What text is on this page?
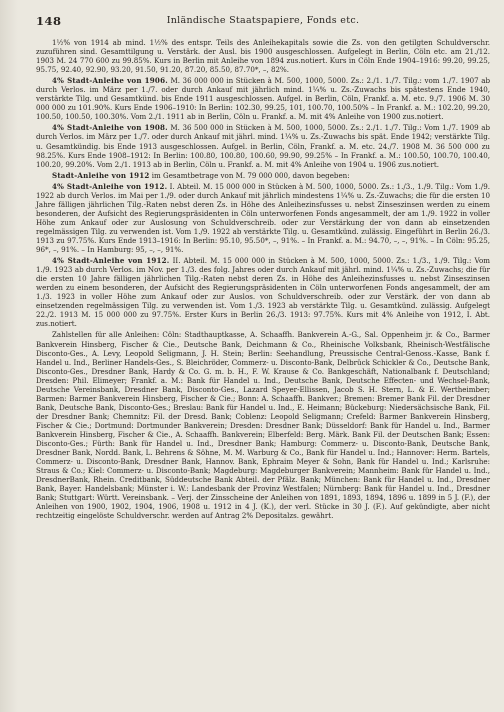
148	Inländische Staatspapiere, Fonds etc.

1½% von 1914 ab mind. 1½% des entspr. Teils des Anleihekapitals sowie die Zs. von den getilgten Schuldverschr. zuzuführen sind. Gesamttilgung u. Verstärk. der Ausl. bis 1900 ausgeschlossen. Aufgelegt in Berlin, Cöln etc. am 21./12. 1903 M. 24 770 600 zu 99.85%. Kurs in Berlin mit Anleihe von 1894 zus.notiert. Kurs in Cöln Ende 1904–1916: 99.20, 99.25, 95.75, 92.40, 92.90, 93.20, 91.50, 91.20, 87.20, 85.50, 87.70*, –, 82%.

4% Stadt-Anleihe von 1906. M. 36 000 000 in Stücken à M. 500, 1000, 5000. Zs.: 2./1. 1./7. Tilg.: vom 1./7. 1907 ab durch Verlos. im März per 1./7. oder durch Ankauf mit jährlich mind. 1¼% u. Zs.-Zuwachs bis spätestens Ende 1940, verstärkte Tilg. und Gesamtkünd. bis Ende 1911 ausgeschlossen. Aufgel. in Berlin, Cöln, Frankf. a. M. etc. 9./7. 1906 M. 30 000 000 zu 101.90%. Kurs Ende 1906–1910: In Berlin: 102.30, 99.25, 101, 100.70, 100.50% – In Frankf. a. M.: 102.20, 99.20, 100.50, 100.50, 100.30%. Vom 2./1. 1911 ab in Berlin, Cöln u. Frankf. a. M. mit 4% Anleihe von 1900 zus.notiert.

4% Stadt-Anleihe von 1908. M. 36 500 000 in Stücken à M. 500, 1000, 5000. Zs.: 2./1. 1./7. Tilg.: Vom 1./7. 1909 ab durch Verlos. im März per 1./7. oder durch Ankauf mit jährl. mind. 1¼% u. Zs.-Zuwachs bis spät. Ende 1942; verstärkte Tilg. u. Gesamtkündig. bis Ende 1913 ausgeschlossen. Aufgel. in Berlin, Cöln, Frankf. a. M. etc. 24./7. 1908 M. 36 500 000 zu 98.25%. Kurs Ende 1908–1912: In Berlin: 100.80, 100.80, 100.60, 99.90, 99.25% – In Frankf. a. M.: 100.50, 100.70, 100.40, 100.20, 99.20%. Vom 2./1. 1913 ab in Berlin, Cöln u. Frankf. a. M. mit 4% Anleihe von 1904 u. 1906 zus.notiert.

Stadt-Anleihe von 1912 im Gesamtbetrage von M. 79 000 000, davon begeben:

4% Stadt-Anleihe von 1912. I. Abteil. M. 15 000 000 in Stücken à M. 500, 1000, 5000. Zs.: 1./3., 1./9. Tilg.: Vom 1./9. 1922 ab durch Verlos. im Mai per 1./9. oder durch Ankauf mit jährlich mindestens 1¼% u. Zs.-Zuwachs; die für die ersten 10 Jahre fälligen jährlichen Tilg.-Raten nebst deren Zs. in Höhe des Anleihezinsfusses u. nebst Zinseszinsen werden zu einem besonderen, der Aufsicht des Regierungspräsidenten in Cöln unterworfenen Fonds angesammelt, der am 1./9. 1922 in voller Höhe zum Ankauf oder zur Auslosung von Schuldverschreib. oder zur Verstärkung der von dann ab einsetzenden regelmässigen Tilg. zu verwenden ist. Vom 1./9. 1922 ab verstärkte Tilg. u. Gesamtkünd. zulässig. Eingeführt in Berlin 26./3. 1913 zu 97.75%. Kurs Ende 1913–1916: In Berlin: 95.10, 95.50*, –, 91%. – In Frankf. a. M.: 94.70, –, –, 91%. – In Cöln: 95.25, 96*, –, 91%. – In Hamburg: 95, –, –, 91%.

4% Stadt-Anleihe von 1912. II. Abteil. M. 15 000 000 in Stücken à M. 500, 1000, 5000. Zs.: 1./3., 1./9. Tilg.: Vom 1./9. 1923 ab durch Verlos. im Nov. per 1./3. des folg. Jahres oder durch Ankauf mit jährl. mind. 1¼% u. Zs.-Zuwachs; die für die ersten 10 Jahre fälligen jährlichen Tilg.-Raten nebst deren Zs. in Höhe des Anleihezinsfusses u. nebst Zinseszinsen werden zu einem besonderen, der Aufsicht des Regierungspräsidenten in Cöln unterworfenen Fonds angesammelt, der am 1./3. 1923 in voller Höhe zum Ankauf oder zur Auslos. von Schuldverschreib. oder zur Verstärk. der von dann ab einsetzenden regelmässigen Tilg. zu verwenden ist. Vom 1./3. 1923 ab verstärkte Tilg. u. Gesamtkünd. zulässig. Aufgelegt 22./2. 1913 M. 15 000 000 zu 97.75%. Erster Kurs in Berlin 26./3. 1913: 97.75%. Kurs mit 4% Anleihe von 1912, I. Abt. zus.notiert.

Zahlstellen für alle Anleihen: Cöln: Stadthauptkasse, A. Schaaffh. Bankverein A.-G., Sal. Oppenheim jr. & Co., Barmer Bankverein Hinsberg, Fischer & Cie., Deutsche Bank, Deichmann & Co., Rheinische Volksbank, Rheinisch-Westfälische Disconto-Ges., A. Levy, Leopold Seligmann, J. H. Stein; Berlin: Seehandlung, Preussische Central-Genoss.-Kasse, Bank f. Handel u. Ind., Berliner Handels-Ges., S. Bleichröder, Commerz- u. Disconto-Bank, Delbrück Schickler & Co., Deutsche Bank, Disconto-Ges., Dresdner Bank, Hardy & Co. G. m. b. H., F. W. Krause & Co. Bankgeschäft, Nationalbank f. Deutschland; Dresden: Phil. Elimeyer; Frankf. a. M.: Bank für Handel u. Ind., Deutsche Bank, Deutsche Effecten- und Wechsel-Bank, Deutsche Vereinsbank, Dresdner Bank, Disconto-Ges., Lazard Speyer-Ellissen, Jacob S. H. Stern, L. & E. Wertheimber; Barmen: Barmer Bankverein Hinsberg, Fischer & Cie.; Bonn: A. Schaaffh. Bankver.; Bremen: Bremer Bank Fil. der Dresdner Bank, Deutsche Bank, Disconto-Ges.; Breslau: Bank für Handel u. Ind., E. Heimann; Bückeburg: Niedersächsische Bank, Fil. der Dresdner Bank; Chemnitz: Fil. der Dresd. Bank; Coblenz: Leopold Seligmann; Crefeld: Barmer Bankverein Hinsberg, Fischer & Cie.; Dortmund: Dortmunder Bankverein; Dresden: Dresdner Bank; Düsseldorf: Bank für Handel u. Ind., Barmer Bankverein Hinsberg, Fischer & Cie., A. Schaaffh. Bankverein; Elberfeld: Berg. Märk. Bank Fil. der Deutschen Bank; Essen: Disconto-Ges.; Fürth: Bank für Handel u. Ind., Dresdner Bank; Hamburg: Commerz- u. Disconto-Bank, Deutsche Bank, Dresdner Bank, Nordd. Bank, L. Behrens & Söhne, M. M. Warburg & Co., Bank für Handel u. Ind.; Hannover: Herm. Bartels, Commerz- u. Disconto-Bank, Dresdner Bank, Hannov. Bank, Ephraim Meyer & Sohn, Bank für Handel u. Ind.; Karlsruhe: Straus & Co.; Kiel: Commerz- u. Disconto-Bank; Magdeburg: Magdeburger Bankverein; Mannheim: Bank für Handel u. Ind., DresdnerBank, Rhein. Creditbank, Süddeutsche Bank Abteil. der Pfälz. Bank; München: Bank für Handel u. Ind., Dresdner Bank, Bayer. Handelsbank; Münster i. W.: Landesbank der Provinz Westfalen; Nürnberg: Bank für Handel u. Ind., Dresdner Bank; Stuttgart: Württ. Vereinsbank. – Verj. der Zinsscheine der Anleihen von 1891, 1893, 1894, 1896 u. 1899 in 5 J. (F.), der Anleihen von 1900, 1902, 1904, 1906, 1908 u. 1912 in 4 J. (K.), der verl. Stücke in 30 J. (F.). Auf gekündigte, aber nicht rechtzeitig eingelöste Schuldverschr. werden auf Antrag 2% Depositalzs. gewährt.
